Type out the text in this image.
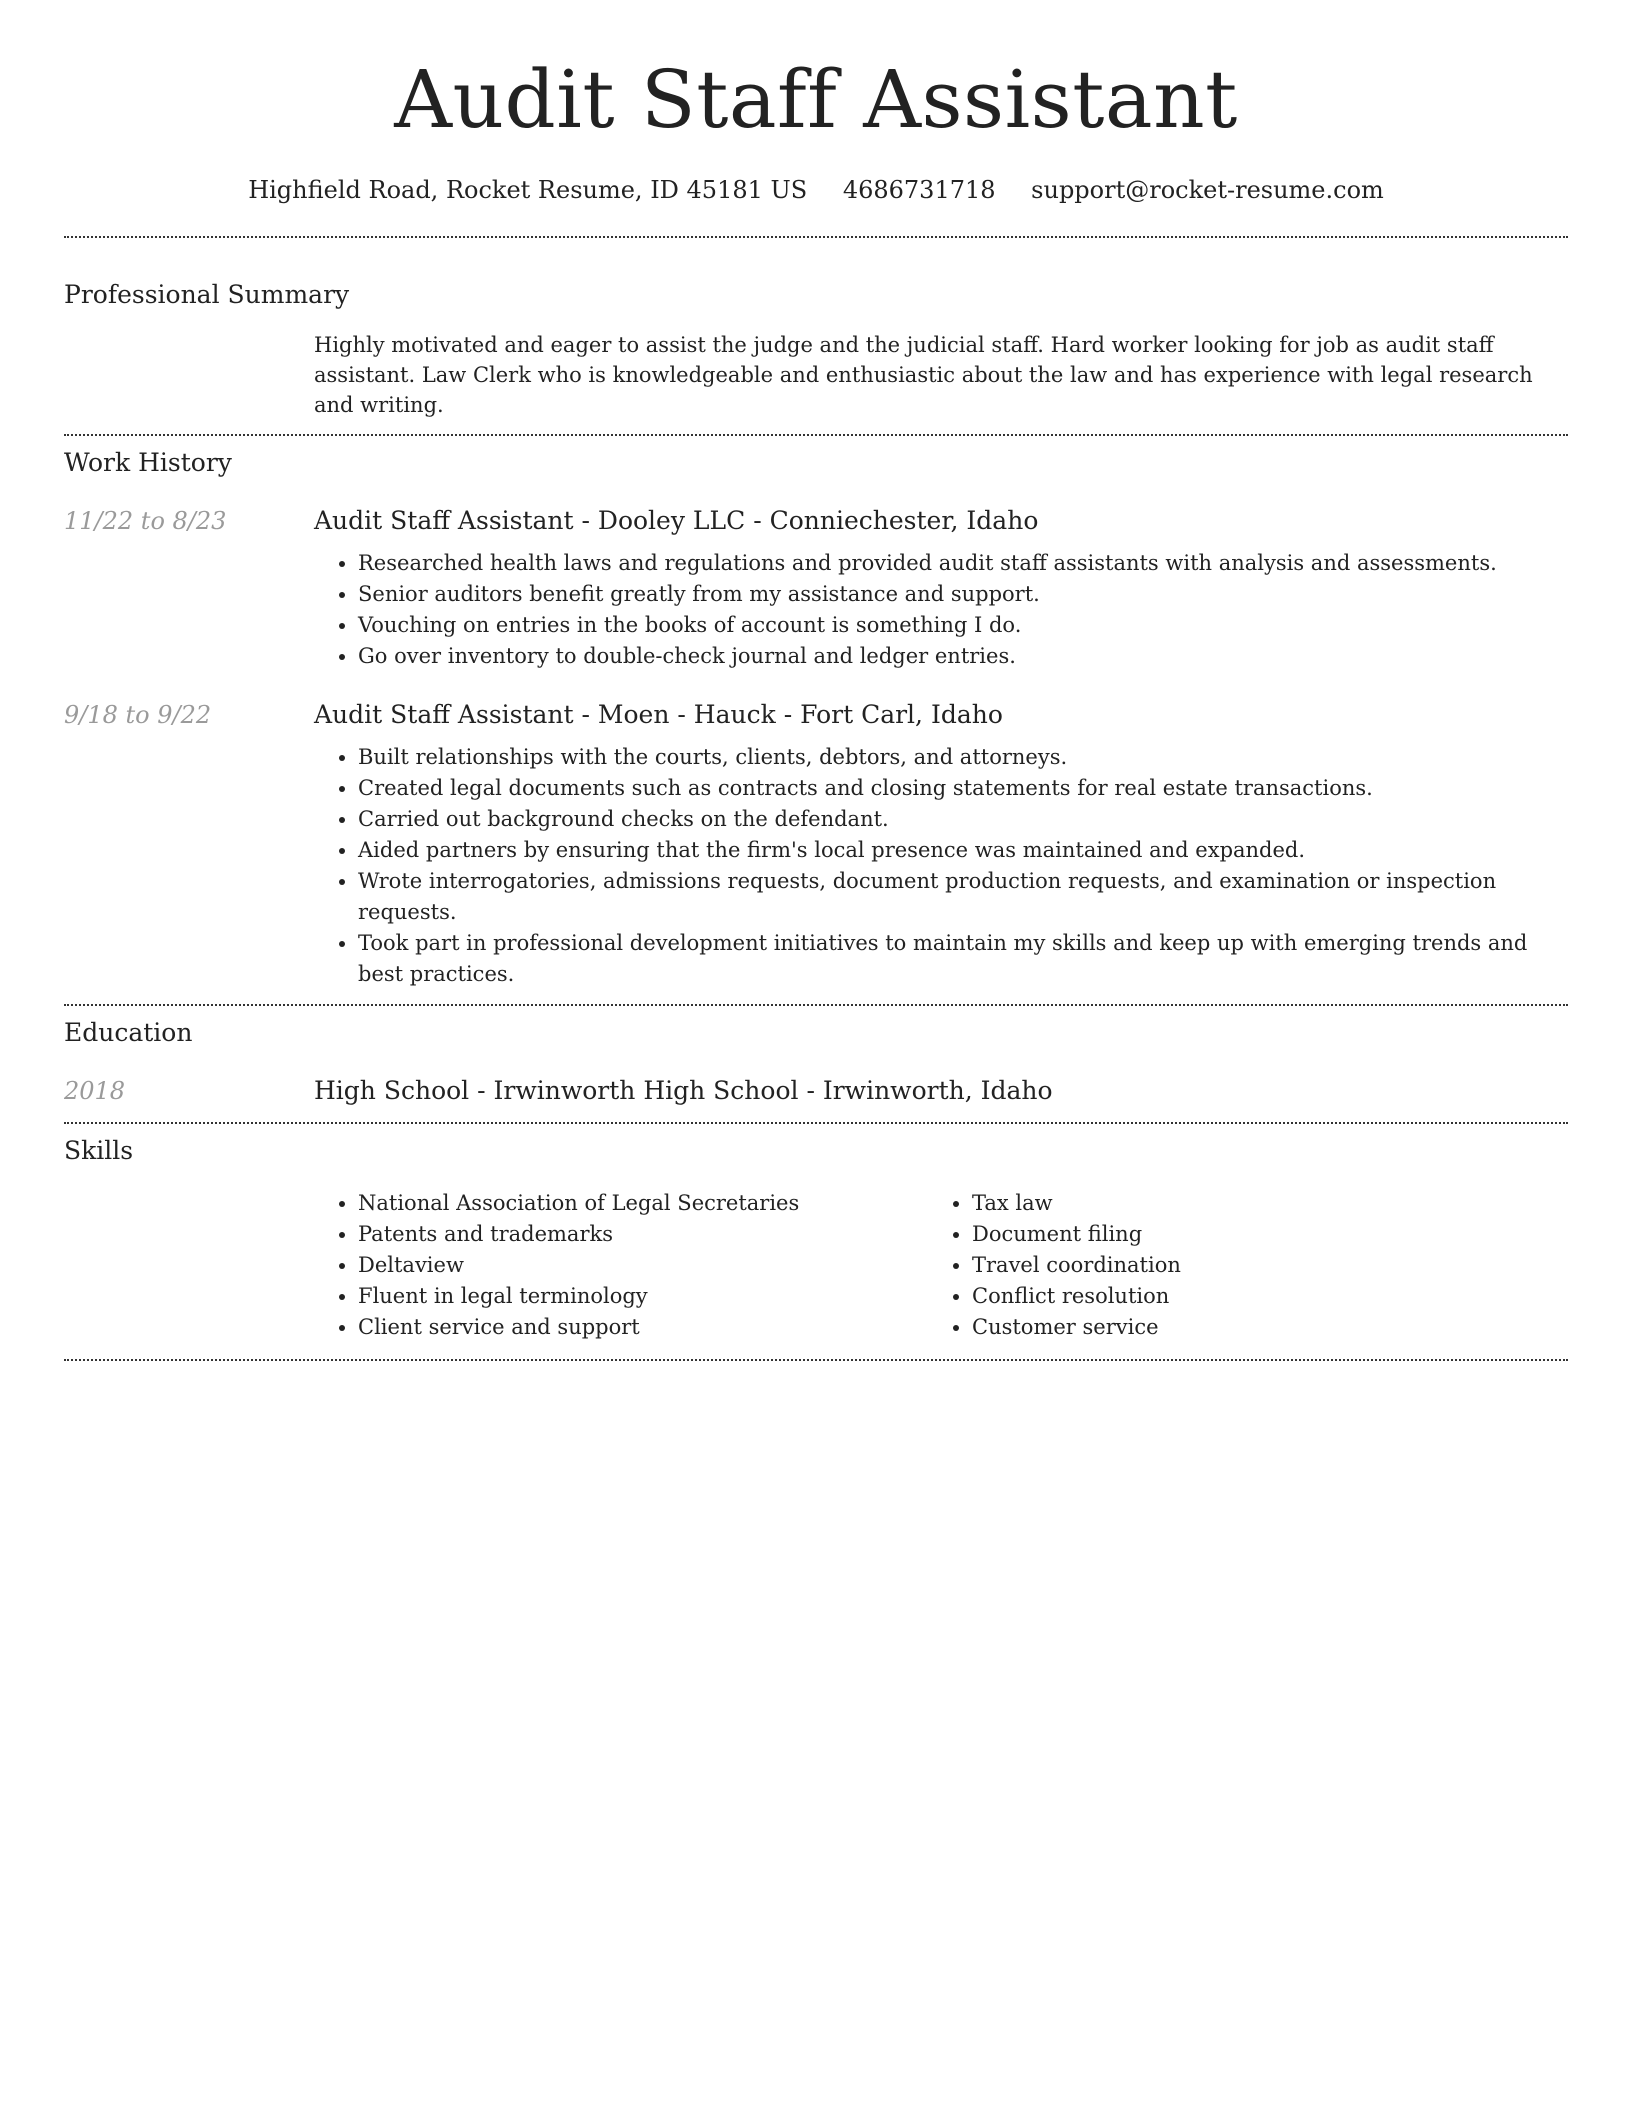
Audit Staff Assistant
Highfield Road, Rocket Resume, ID 45181 US 4686731718 support@rocket-resume.com
Professional Summary

Highly motivated and eager to assist the judge and the judicial staff. Hard worker looking for job as audit staff assistant. Law Clerk who is knowledgeable and enthusiastic about the law and has experience with legal research and writing.

Work History
11/22 to 8/23	Audit Staff Assistant - Dooley LLC - Conniechester, Idaho
• Researched health laws and regulations and provided audit staff assistants with analysis and assessments.
• Senior auditors benefit greatly from my assistance and support.
• Vouching on entries in the books of account is something I do.
• Go over inventory to double-check journal and ledger entries.
9/18 to 9/22	Audit Staff Assistant - Moen - Hauck - Fort Carl, Idaho
• Built relationships with the courts, clients, debtors, and attorneys.
• Created legal documents such as contracts and closing statements for real estate transactions.
• Carried out background checks on the defendant.
• Aided partners by ensuring that the firm's local presence was maintained and expanded.
• Wrote interrogatories, admissions requests, document production requests, and examination or inspection requests.
• Took part in professional development initiatives to maintain my skills and keep up with emerging trends and best practices.
Education
2018	High School - Irwinworth High School - Irwinworth, Idaho
Skills
• National Association of Legal Secretaries
• Patents and trademarks
• Deltaview
• Fluent in legal terminology
• Client service and support
• Tax law
• Document filing
• Travel coordination
• Conflict resolution
• Customer service
